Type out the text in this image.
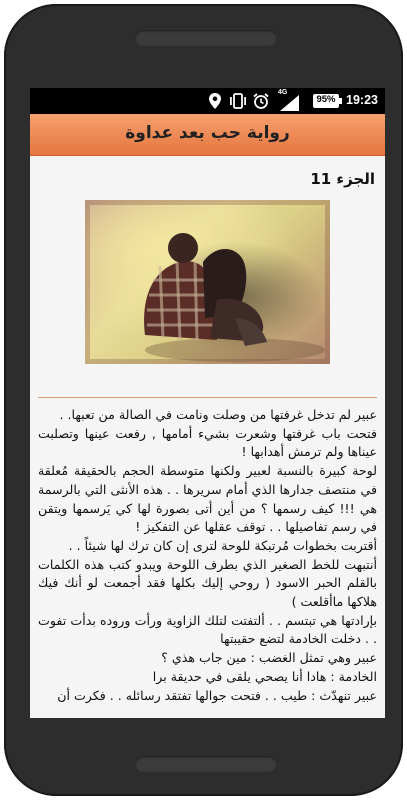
4G
95% 19:23
رواية حب بعد عداوة
الجزء 11

عبير لم تدخل غرفتها من وصلت ونامت في الصالة من تعبها. .

فتحت باب غرفتها وشعرت بشيء أمامها , رفعت عينها وتصلبت عيناها ولم ترمش أهدابها !

لوحة كبيرة بالنسبة لعبير ولكنها متوسطة الحجم بالحقيقة مُعلقة في منتصف جدارها الذي أمام سريرها . . هذه الأنثى التي بالرسمة هي !!! كيف رسمها ؟ من أين أتى بصورة لها كي يَرسمها ويتقن في رسم تفاصيلها . . توقف عقلها عن التفكيز !

أقتربت بخطوات مُرتبكة للوحة لترى إن كان ترك لها شيئاً . .

أنتبهت للخط الصغير الذي بطرف اللوحة ويبدو كتب هذه الكلمات بالقلم الحبر الاسود ( روحي إليك بكلها فقد أجمعت لو أنك فيك هلاكها ماأقلعت )

بإرادتها هي تبتسم . . ألتفتت لتلك الزاوية ورأت وروده بدأت تفوت . . دخلت الخادمة لتضع حقيبتها

عبير وهي تمثل الغضب : مين جاب هذي ؟

الخادمة : هادا أنا يصحي يلقى في حديقة برا

عبير تنهدّث : طيب . . فتحت جوالها تفتقد رسائله . . فكرت أن
